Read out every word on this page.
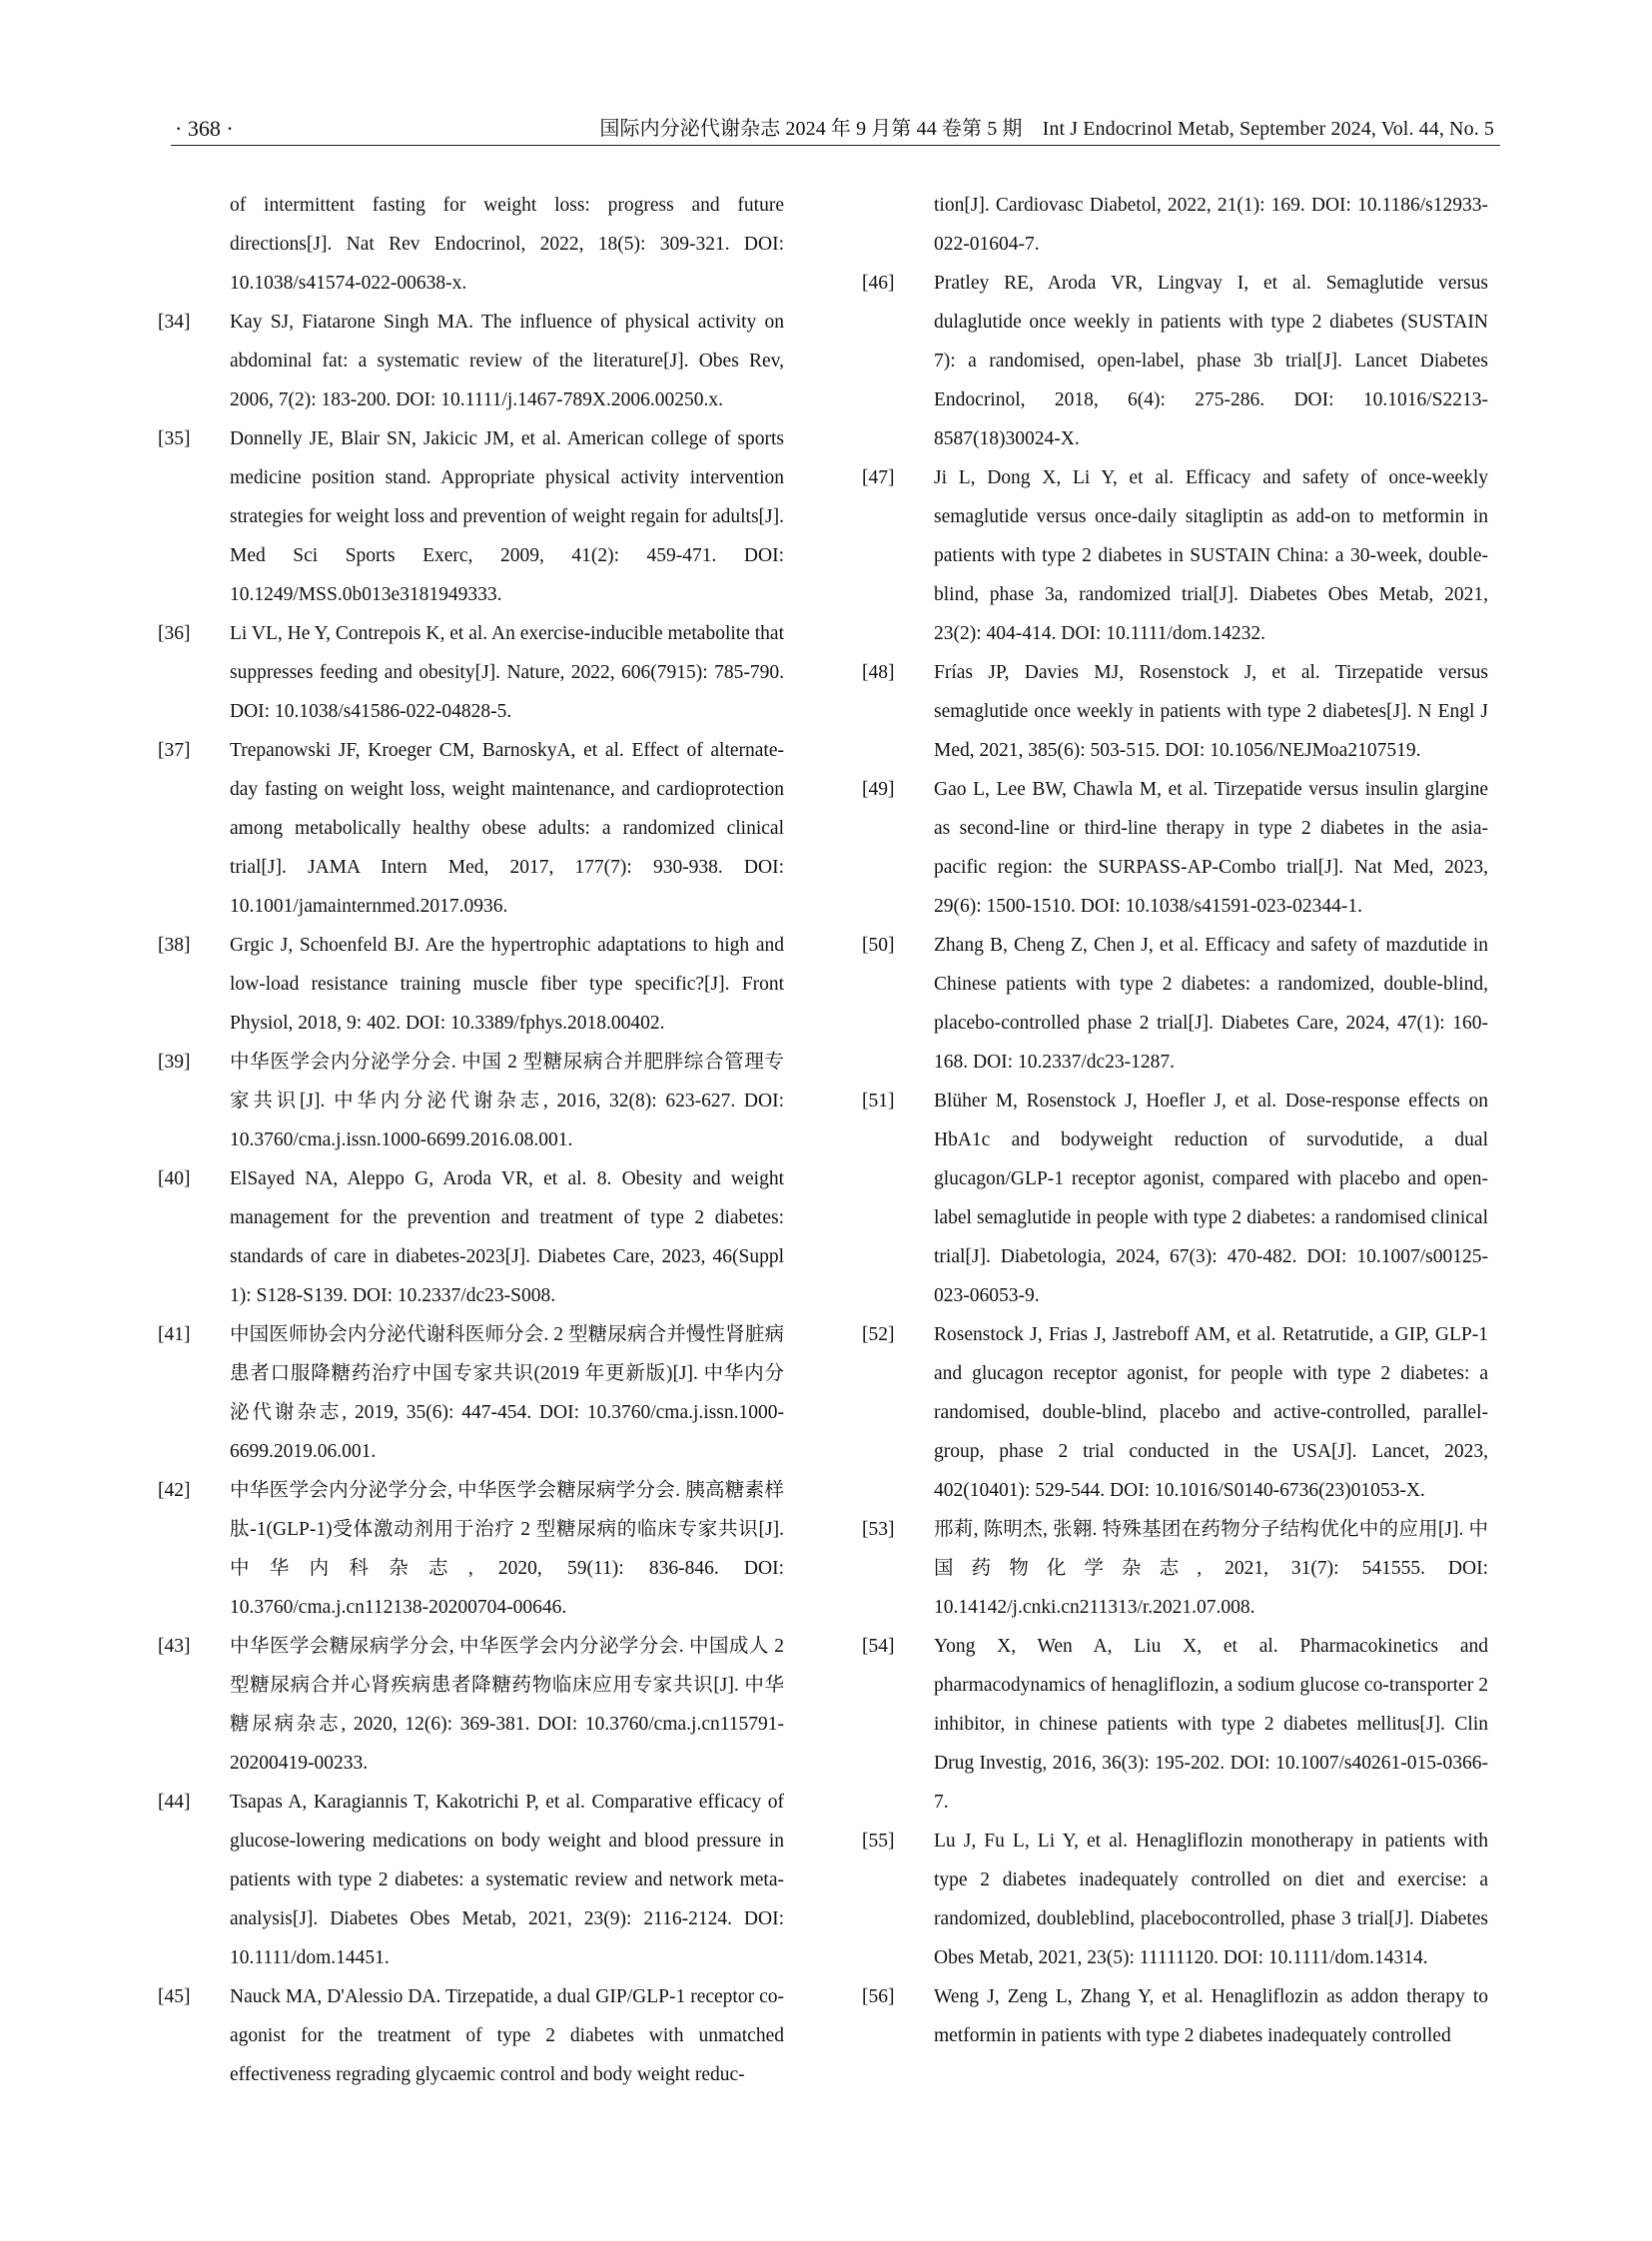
· 368 ·	国际内分泌代谢杂志 2024 年 9 月第 44 卷第 5 期　Int J Endocrinol Metab, September 2024, Vol. 44, No. 5

of intermittent fasting for weight loss: progress and future directions[J]. Nat Rev Endocrinol, 2022, 18(5): 309-321. DOI: 10.1038/s41574-022-00638-x.

[34] Kay SJ, Fiatarone Singh MA. The influence of physical activity on abdominal fat: a systematic review of the literature[J]. Obes Rev, 2006, 7(2): 183-200. DOI: 10.1111/j.1467-789X.2006.00250.x.

[35] Donnelly JE, Blair SN, Jakicic JM, et al. American college of sports medicine position stand. Appropriate physical activity intervention strategies for weight loss and prevention of weight regain for adults[J]. Med Sci Sports Exerc, 2009, 41(2): 459-471. DOI: 10.1249/MSS.0b013e3181949333.

[36] Li VL, He Y, Contrepois K, et al. An exercise-inducible metabolite that suppresses feeding and obesity[J]. Nature, 2022, 606(7915): 785-790. DOI: 10.1038/s41586-022-04828-5.

[37] Trepanowski JF, Kroeger CM, BarnoskyA, et al. Effect of alternate-day fasting on weight loss, weight maintenance, and cardioprotection among metabolically healthy obese adults: a randomized clinical trial[J]. JAMA Intern Med, 2017, 177(7): 930-938. DOI: 10.1001/jamainternmed.2017.0936.

[38] Grgic J, Schoenfeld BJ. Are the hypertrophic adaptations to high and low-load resistance training muscle fiber type specific?[J]. Front Physiol, 2018, 9: 402. DOI: 10.3389/fphys.2018.00402.

[39] 中华医学会内分泌学分会. 中国 2 型糖尿病合并肥胖综合管理专家共识[J]. 中华内分泌代谢杂志, 2016, 32(8): 623-627. DOI: 10.3760/cma.j.issn.1000-6699.2016.08.001.

[40] ElSayed NA, Aleppo G, Aroda VR, et al. 8. Obesity and weight management for the prevention and treatment of type 2 diabetes: standards of care in diabetes-2023[J]. Diabetes Care, 2023, 46(Suppl 1): S128-S139. DOI: 10.2337/dc23-S008.

[41] 中国医师协会内分泌代谢科医师分会. 2 型糖尿病合并慢性肾脏病患者口服降糖药治疗中国专家共识(2019 年更新版)[J]. 中华内分泌代谢杂志, 2019, 35(6): 447-454. DOI: 10.3760/cma.j.issn.1000-6699.2019.06.001.

[42] 中华医学会内分泌学分会, 中华医学会糖尿病学分会. 胰高糖素样肽-1(GLP-1)受体激动剂用于治疗 2 型糖尿病的临床专家共识[J]. 中华内科杂志, 2020, 59(11): 836-846. DOI: 10.3760/cma.j.cn112138-20200704-00646.

[43] 中华医学会糖尿病学分会, 中华医学会内分泌学分会. 中国成人 2 型糖尿病合并心肾疾病患者降糖药物临床应用专家共识[J]. 中华糖尿病杂志, 2020, 12(6): 369-381. DOI: 10.3760/cma.j.cn115791-20200419-00233.

[44] Tsapas A, Karagiannis T, Kakotrichi P, et al. Comparative efficacy of glucose-lowering medications on body weight and blood pressure in patients with type 2 diabetes: a systematic review and network meta-analysis[J]. Diabetes Obes Metab, 2021, 23(9): 2116-2124. DOI: 10.1111/dom.14451.

[45] Nauck MA, D'Alessio DA. Tirzepatide, a dual GIP/GLP-1 receptor co-agonist for the treatment of type 2 diabetes with unmatched effectiveness regrading glycaemic control and body weight reduc-

tion[J]. Cardiovasc Diabetol, 2022, 21(1): 169. DOI: 10.1186/s12933-022-01604-7.

[46] Pratley RE, Aroda VR, Lingvay I, et al. Semaglutide versus dulaglutide once weekly in patients with type 2 diabetes (SUSTAIN 7): a randomised, open-label, phase 3b trial[J]. Lancet Diabetes Endocrinol, 2018, 6(4): 275-286. DOI: 10.1016/S2213-8587(18)30024-X.

[47] Ji L, Dong X, Li Y, et al. Efficacy and safety of once-weekly semaglutide versus once-daily sitagliptin as add-on to metformin in patients with type 2 diabetes in SUSTAIN China: a 30-week, double-blind, phase 3a, randomized trial[J]. Diabetes Obes Metab, 2021, 23(2): 404-414. DOI: 10.1111/dom.14232.

[48] Frías JP, Davies MJ, Rosenstock J, et al. Tirzepatide versus semaglutide once weekly in patients with type 2 diabetes[J]. N Engl J Med, 2021, 385(6): 503-515. DOI: 10.1056/NEJMoa2107519.

[49] Gao L, Lee BW, Chawla M, et al. Tirzepatide versus insulin glargine as second-line or third-line therapy in type 2 diabetes in the asia-pacific region: the SURPASS-AP-Combo trial[J]. Nat Med, 2023, 29(6): 1500-1510. DOI: 10.1038/s41591-023-02344-1.

[50] Zhang B, Cheng Z, Chen J, et al. Efficacy and safety of mazdutide in Chinese patients with type 2 diabetes: a randomized, double-blind, placebo-controlled phase 2 trial[J]. Diabetes Care, 2024, 47(1): 160-168. DOI: 10.2337/dc23-1287.

[51] Blüher M, Rosenstock J, Hoefler J, et al. Dose-response effects on HbA1c and bodyweight reduction of survodutide, a dual glucagon/GLP-1 receptor agonist, compared with placebo and open-label semaglutide in people with type 2 diabetes: a randomised clinical trial[J]. Diabetologia, 2024, 67(3): 470-482. DOI: 10.1007/s00125-023-06053-9.

[52] Rosenstock J, Frias J, Jastreboff AM, et al. Retatrutide, a GIP, GLP-1 and glucagon receptor agonist, for people with type 2 diabetes: a randomised, double-blind, placebo and active-controlled, parallel-group, phase 2 trial conducted in the USA[J]. Lancet, 2023, 402(10401): 529-544. DOI: 10.1016/S0140-6736(23)01053-X.

[53] 邢莉, 陈明杰, 张翱. 特殊基团在药物分子结构优化中的应用[J]. 中国药物化学杂志, 2021, 31(7): 541555. DOI: 10.14142/j.cnki.cn211313/r.2021.07.008.

[54] Yong X, Wen A, Liu X, et al. Pharmacokinetics and pharmacodynamics of henagliflozin, a sodium glucose co-transporter 2 inhibitor, in chinese patients with type 2 diabetes mellitus[J]. Clin Drug Investig, 2016, 36(3): 195-202. DOI: 10.1007/s40261-015-0366-7.

[55] Lu J, Fu L, Li Y, et al. Henagliflozin monotherapy in patients with type 2 diabetes inadequately controlled on diet and exercise: a randomized, doubleblind, placebocontrolled, phase 3 trial[J]. Diabetes Obes Metab, 2021, 23(5): 11111120. DOI: 10.1111/dom.14314.

[56] Weng J, Zeng L, Zhang Y, et al. Henagliflozin as addon therapy to metformin in patients with type 2 diabetes inadequately controlled
